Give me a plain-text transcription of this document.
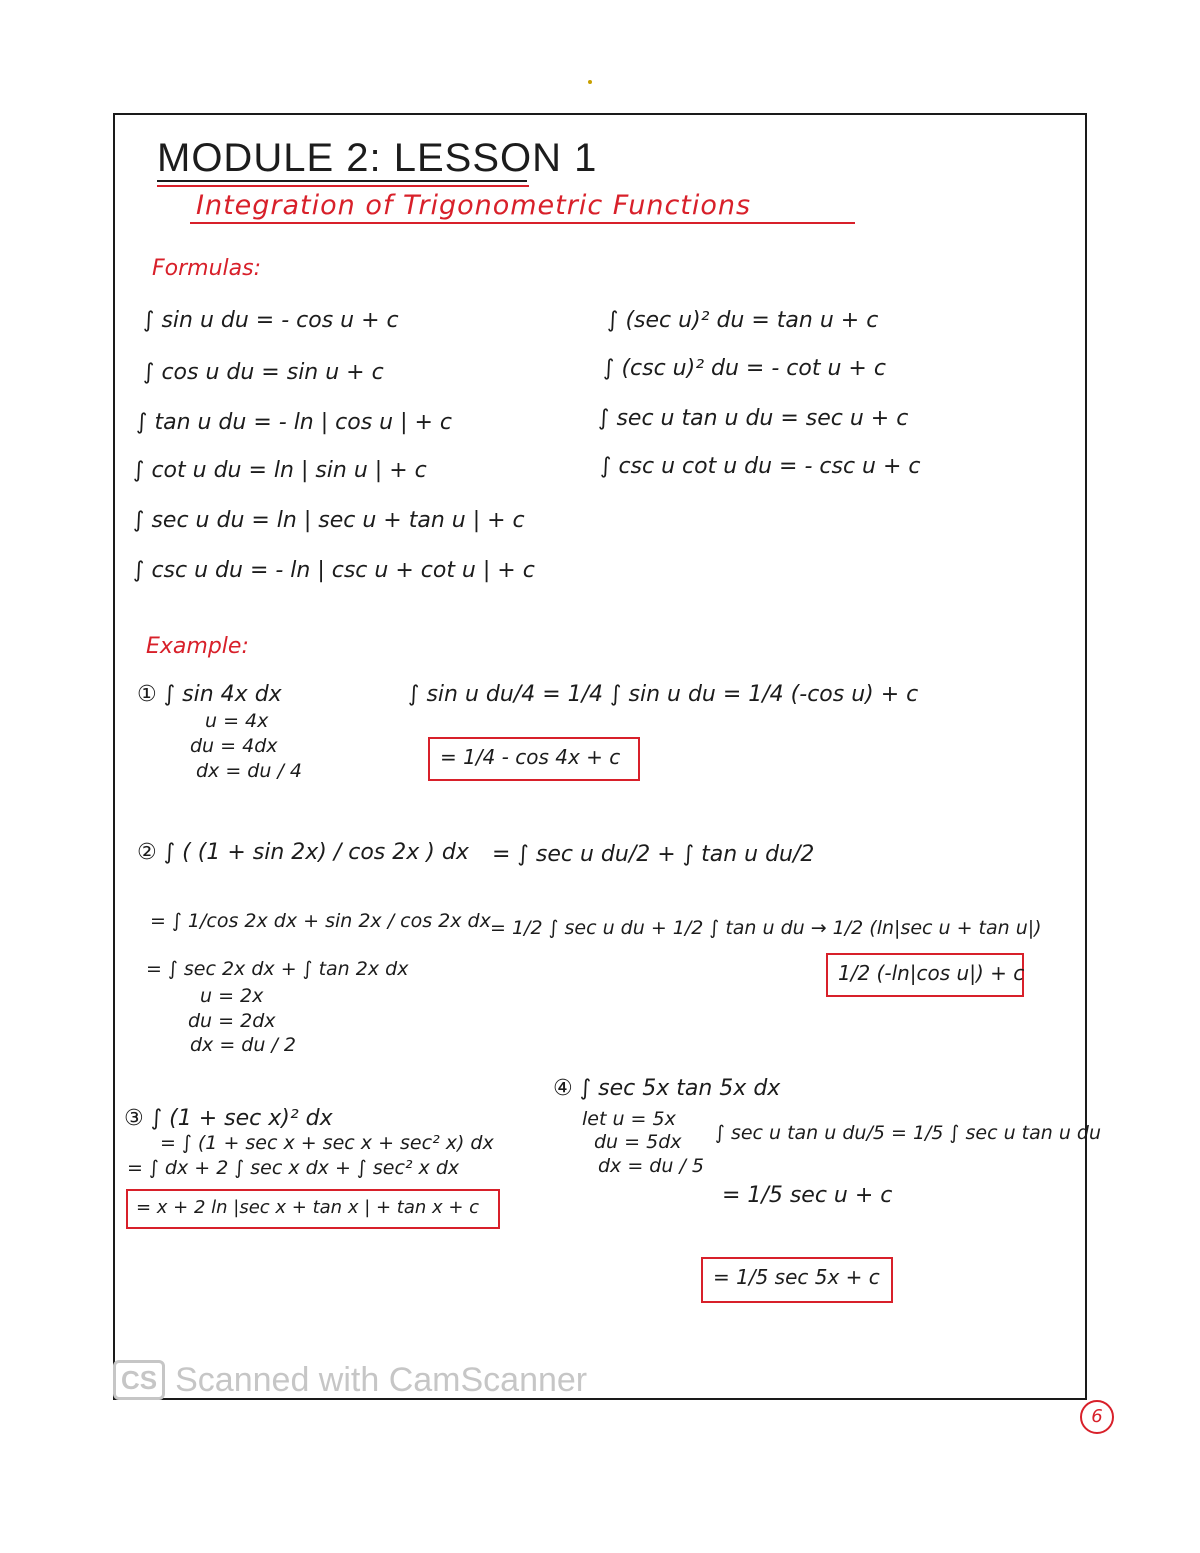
MODULE 2: LESSON 1
Integration of Trigonometric Functions
Formulas:
∫ sin u du = - cos u + c
∫ cos u du = sin u + c
∫ tan u du = - ln | cos u | + c
∫ cot u du = ln | sin u | + c
∫ sec u du = ln | sec u + tan u | + c
∫ csc u du = - ln | csc u + cot u | + c
∫ (sec u)² du = tan u + c
∫ (csc u)² du = - cot u + c
∫ sec u tan u du = sec u + c
∫ csc u cot u du = - csc u + c
Example:
① ∫ sin 4x dx
u = 4x
du = 4dx
dx = du / 4
∫ sin u du/4 = 1/4 ∫ sin u du = 1/4 (-cos u) + c
= 1/4 - cos 4x + c
② ∫ ( (1 + sin 2x) / cos 2x ) dx
= ∫ 1/cos 2x dx + sin 2x / cos 2x dx
= ∫ sec 2x dx + ∫ tan 2x dx
u = 2x
du = 2dx
dx = du / 2
= ∫ sec u du/2 + ∫ tan u du/2
= 1/2 ∫ sec u du + 1/2 ∫ tan u du → 1/2 (ln|sec u + tan u|)
1/2 (-ln|cos u|) + c
③ ∫ (1 + sec x)² dx
= ∫ (1 + sec x + sec x + sec² x) dx
= ∫ dx + 2 ∫ sec x dx + ∫ sec² x dx
= x + 2 ln |sec x + tan x | + tan x + c
④ ∫ sec 5x tan 5x dx
let u = 5x
du = 5dx
dx = du / 5
∫ sec u tan u du/5 = 1/5 ∫ sec u tan u du
= 1/5 sec u + c
= 1/5 sec 5x + c
CS Scanned with CamScanner
6
